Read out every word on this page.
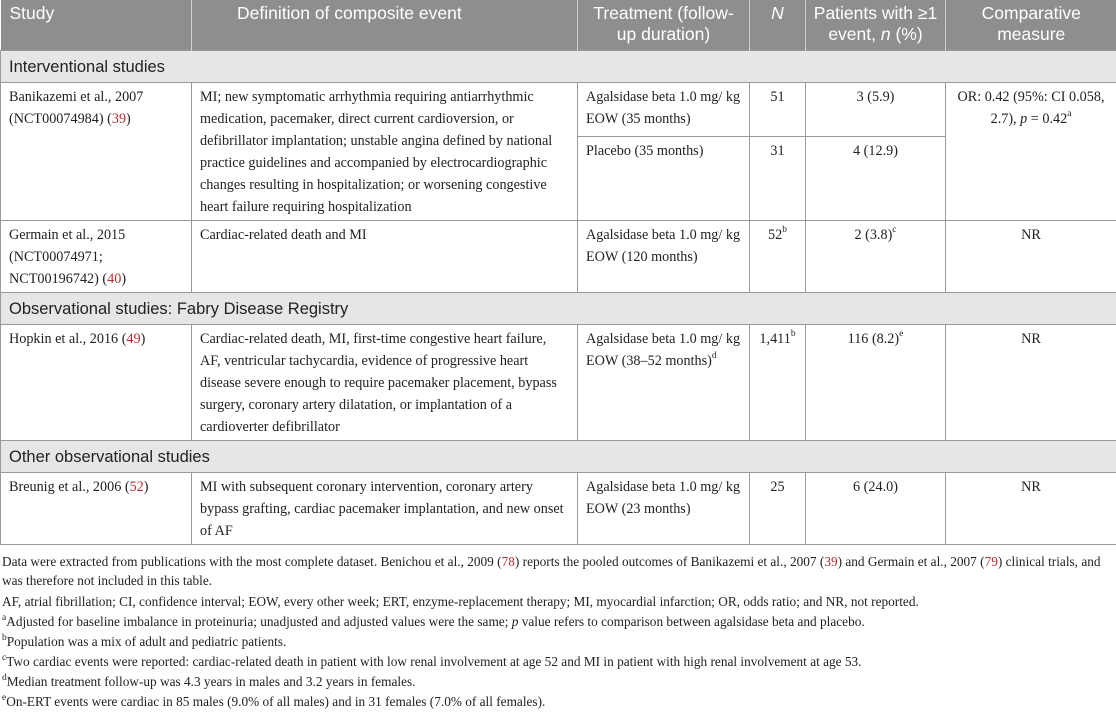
Study	Definition of composite event	Treatment (follow-up duration)	N	Patients with ≥1 event, n (%)	Comparative measure
Interventional studies					
Banikazemi et al., 2007 (NCT00074984) (39)	MI; new symptomatic arrhythmia requiring antiarrhythmic medication, pacemaker, direct current cardioversion, or defibrillator implantation; unstable angina defined by national practice guidelines and accompanied by electrocardiographic changes resulting in hospitalization; or worsening congestive heart failure requiring hospitalization	Agalsidase beta 1.0 mg/ kg EOW (35 months)	51	3 (5.9)	OR: 0.42 (95%: CI 0.058, 2.7), p = 0.42$^a$
		Placebo (35 months)	31	4 (12.9)	
Germain et al., 2015 (NCT00074971; NCT00196742) (40)	Cardiac-related death and MI	Agalsidase beta 1.0 mg/ kg EOW (120 months)	52$^b$	2 $(3.8)^c$	NR
Observational studies: Fabry Disease Registry					
Hopkin et al., 2016 (49)	Cardiac-related death, MI, first-time congestive heart failure, AF, ventricular tachycardia, evidence of progressive heart disease severe enough to require pacemaker placement, bypass surgery, coronary artery dilatation, or implantation of a cardioverter defibrillator	Agalsidase beta 1.0 mg/ kg EOW (38–52 months)$^d$	1,411$^b$	116 $(8.2)^e$	NR
Other observational studies					
Breunig et al., 2006 (52)	MI with subsequent coronary intervention, coronary artery bypass grafting, cardiac pacemaker implantation, and new onset of AF	Agalsidase beta 1.0 mg/ kg EOW (23 months)	25	6 (24.0)	NR

Data were extracted from publications with the most complete dataset. Benichou et al., 2009 (78) reports the pooled outcomes of Banikazemi et al., 2007 (39) and Germain et al., 2007 (79) clinical trials, and was therefore not included in this table.

AF, atrial fibrillation; CI, confidence interval; EOW, every other week; ERT, enzyme-replacement therapy; MI, myocardial infarction; OR, odds ratio; and NR, not reported.

$^a$Adjusted for baseline imbalance in proteinuria; unadjusted and adjusted values were the same; p value refers to comparison between agalsidase beta and placebo.

$^b$Population was a mix of adult and pediatric patients.

$^c$Two cardiac events were reported: cardiac-related death in patient with low renal involvement at age 52 and MI in patient with high renal involvement at age 53.

$^d$Median treatment follow-up was 4.3 years in males and 3.2 years in females.

$^e$On-ERT events were cardiac in 85 males (9.0% of all males) and in 31 females (7.0% of all females).
